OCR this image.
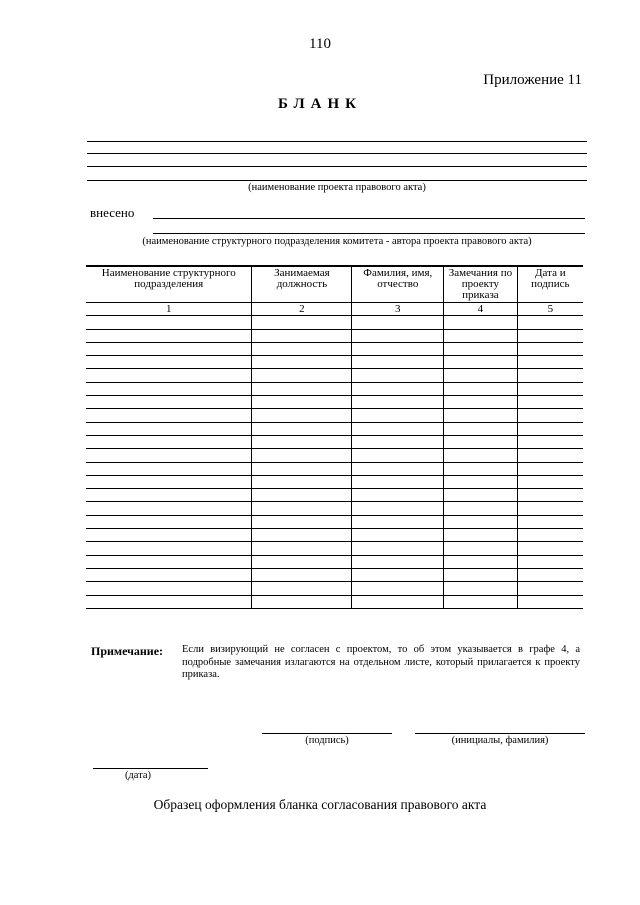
110
Приложение 11
БЛАНК
(наименование проекта правового акта)
внесено
(наименование структурного подразделения комитета - автора проекта правового акта)
Наименование структурного подразделения	Занимаемая должность	Фамилия, имя, отчество	Замечания по проекту приказа	Дата и подпись
1	2	3	4	5

Примечание: Если визирующий не согласен с проектом, то об этом указывается в графе 4, а подробные замечания излагаются на отдельном листе, который прилагается к проекту приказа.
(подпись)	(инициалы, фамилия)
(дата)
Образец оформления бланка согласования правового акта
